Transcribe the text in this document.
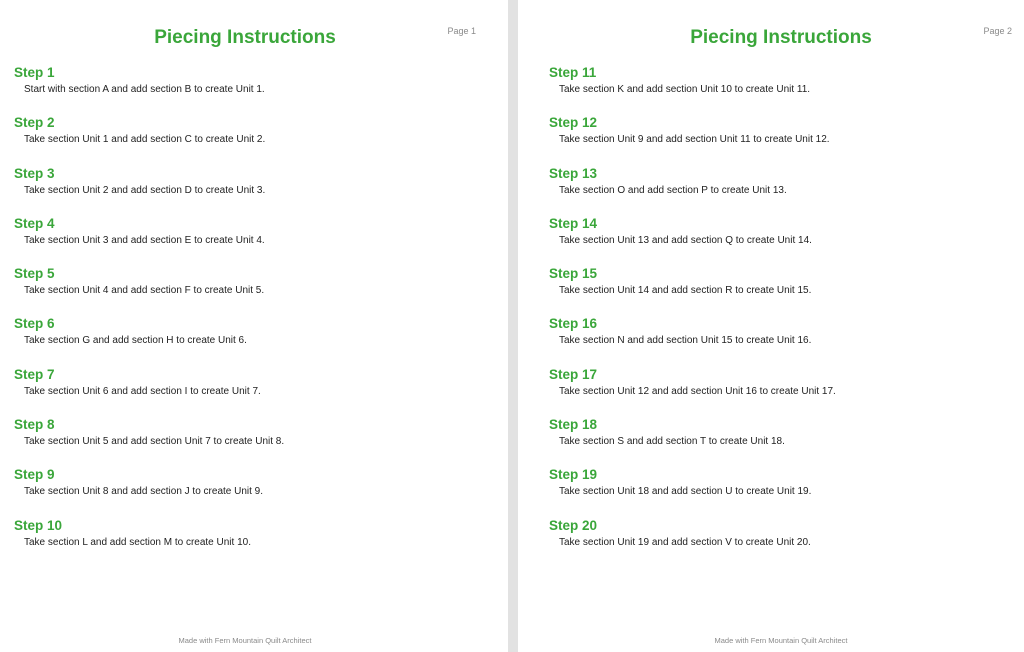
Piecing Instructions	Page 1
Step 1
Start with section A and add section B to create Unit 1.
Step 2
Take section Unit 1 and add section C to create Unit 2.
Step 3
Take section Unit 2 and add section D to create Unit 3.
Step 4
Take section Unit 3 and add section E to create Unit 4.
Step 5
Take section Unit 4 and add section F to create Unit 5.
Step 6
Take section G and add section H to create Unit 6.
Step 7
Take section Unit 6 and add section I to create Unit 7.
Step 8
Take section Unit 5 and add section Unit 7 to create Unit 8.
Step 9
Take section Unit 8 and add section J to create Unit 9.
Step 10
Take section L and add section M to create Unit 10.
Made with Fern Mountain Quilt Architect
Piecing Instructions	Page 2
Step 11
Take section K and add section Unit 10 to create Unit 11.
Step 12
Take section Unit 9 and add section Unit 11 to create Unit 12.
Step 13
Take section O and add section P to create Unit 13.
Step 14
Take section Unit 13 and add section Q to create Unit 14.
Step 15
Take section Unit 14 and add section R to create Unit 15.
Step 16
Take section N and add section Unit 15 to create Unit 16.
Step 17
Take section Unit 12 and add section Unit 16 to create Unit 17.
Step 18
Take section S and add section T to create Unit 18.
Step 19
Take section Unit 18 and add section U to create Unit 19.
Step 20
Take section Unit 19 and add section V to create Unit 20.
Made with Fern Mountain Quilt Architect
